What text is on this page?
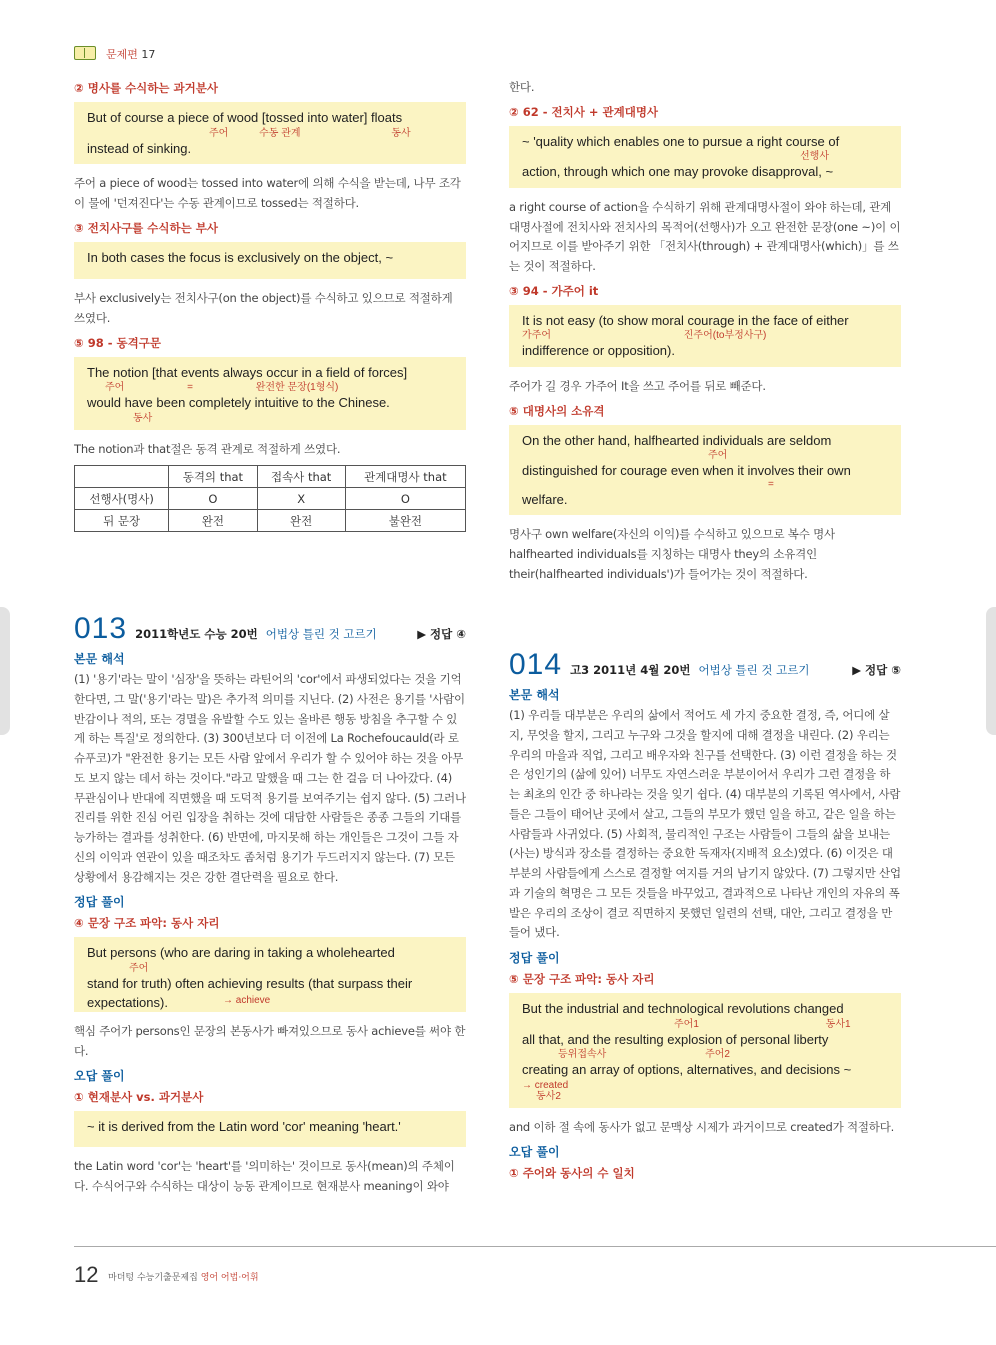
문제편 17
② 명사를 수식하는 과거분사
But of course a piece of wood [tossed into water] floats
주어	수동 관계	동사
instead of sinking.
주어 a piece of wood는 tossed into water에 의해 수식을 받는데, 나무 조각이 물에 '던져진다'는 수동 관계이므로 tossed는 적절하다.
③ 전치사구를 수식하는 부사
In both cases the focus is exclusively on the object, ~
부사 exclusively는 전치사구(on the object)를 수식하고 있으므로 적절하게 쓰였다.
⑤ 98 - 동격구문
The notion [that events always occur in a field of forces]
주어	=	완전한 문장(1형식)
would have been completely intuitive to the Chinese.
동사
The notion과 that절은 동격 관계로 적절하게 쓰였다.
	동격의 that	접속사 that	관계대명사 that
선행사(명사)	O	X	O
뒤 문장	완전	완전	불완전
013 2011학년도 수능 20번 어법상 틀린 것 고르기	▶ 정답 ④
본문 해석
(1) '용기'라는 말이 '심장'을 뜻하는 라틴어의 'cor'에서 파생되었다는 것을 기억한다면, 그 말('용기'라는 말)은 추가적 의미를 지닌다. (2) 사전은 용기를 '사람이 반감이나 적의, 또는 경멸을 유발할 수도 있는 올바른 행동 방침을 추구할 수 있게 하는 특질'로 정의한다. (3) 300년보다 더 이전에 La Rochefoucauld(라 로슈푸코)가 "완전한 용기는 모든 사람 앞에서 우리가 할 수 있어야 하는 것을 아무도 보지 않는 데서 하는 것이다."라고 말했을 때 그는 한 걸음 더 나아갔다. (4) 무관심이나 반대에 직면했을 때 도덕적 용기를 보여주기는 쉽지 않다. (5) 그러나 진리를 위한 진심 어린 입장을 취하는 것에 대담한 사람들은 종종 그들의 기대를 능가하는 결과를 성취한다. (6) 반면에, 마지못해 하는 개인들은 그것이 그들 자신의 이익과 연관이 있을 때조차도 좀처럼 용기가 두드러지지 않는다. (7) 모든 상황에서 용감해지는 것은 강한 결단력을 필요로 한다.
정답 풀이
④ 문장 구조 파악: 동사 자리
But persons (who are daring in taking a wholehearted
주어
stand for truth) often achieving results (that surpass their
expectations).	→ achieve
핵심 주어가 persons인 문장의 본동사가 빠져있으므로 동사 achieve를 써야 한다.
오답 풀이
① 현재분사 vs. 과거분사
~ it is derived from the Latin word 'cor' meaning 'heart.'
the Latin word 'cor'는 'heart'를 '의미하는' 것이므로 동사(mean)의 주체이다. 수식어구와 수식하는 대상이 능동 관계이므로 현재분사 meaning이 와야
한다.
② 62 - 전치사 + 관계대명사
~ 'quality which enables one to pursue a right course of
선행사
action, through which one may provoke disapproval, ~
a right course of action을 수식하기 위해 관계대명사절이 와야 하는데, 관계대명사절에 전치사와 전치사의 목적어(선행사)가 오고 완전한 문장(one ~)이 이어지므로 이를 받아주기 위한 「전치사(through) + 관계대명사(which)」를 쓰는 것이 적절하다.
③ 94 - 가주어 it
It is not easy (to show moral courage in the face of either
가주어	진주어(to부정사구)
indifference or opposition).
주어가 길 경우 가주어 It을 쓰고 주어를 뒤로 빼준다.
⑤ 대명사의 소유격
On the other hand, halfhearted individuals are seldom
주어
distinguished for courage even when it involves their own
=
welfare.
명사구 own welfare(자신의 이익)를 수식하고 있으므로 복수 명사 halfhearted individuals를 지칭하는 대명사 they의 소유격인 their(halfhearted individuals')가 들어가는 것이 적절하다.
014 고3 2011년 4월 20번 어법상 틀린 것 고르기	▶ 정답 ⑤
본문 해석
(1) 우리들 대부분은 우리의 삶에서 적어도 세 가지 중요한 결정, 즉, 어디에 살지, 무엇을 할지, 그리고 누구와 그것을 할지에 대해 결정을 내린다. (2) 우리는 우리의 마을과 직업, 그리고 배우자와 친구를 선택한다. (3) 이런 결정을 하는 것은 성인기의 (삶에 있어) 너무도 자연스러운 부분이어서 우리가 그런 결정을 하는 최초의 인간 중 하나라는 것을 잊기 쉽다. (4) 대부분의 기록된 역사에서, 사람들은 그들이 태어난 곳에서 살고, 그들의 부모가 했던 일을 하고, 같은 일을 하는 사람들과 사귀었다. (5) 사회적, 물리적인 구조는 사람들이 그들의 삶을 보내는(사는) 방식과 장소를 결정하는 중요한 독재자(지배적 요소)였다. (6) 이것은 대부분의 사람들에게 스스로 결정할 여지를 거의 남기지 않았다. (7) 그렇지만 산업과 기술의 혁명은 그 모든 것들을 바꾸었고, 결과적으로 나타난 개인의 자유의 폭발은 우리의 조상이 결코 직면하지 못했던 일련의 선택, 대안, 그리고 결정을 만들어 냈다.
정답 풀이
⑤ 문장 구조 파악: 동사 자리
But the industrial and technological revolutions changed
주어1	동사1
all that, and the resulting explosion of personal liberty
등위접속사	주어2
creating an array of options, alternatives, and decisions ~
→ created
동사2
and 이하 절 속에 동사가 없고 문맥상 시제가 과거이므로 created가 적절하다.
오답 풀이
① 주어와 동사의 수 일치
12 마더텅 수능기출문제집 영어 어법·어휘
